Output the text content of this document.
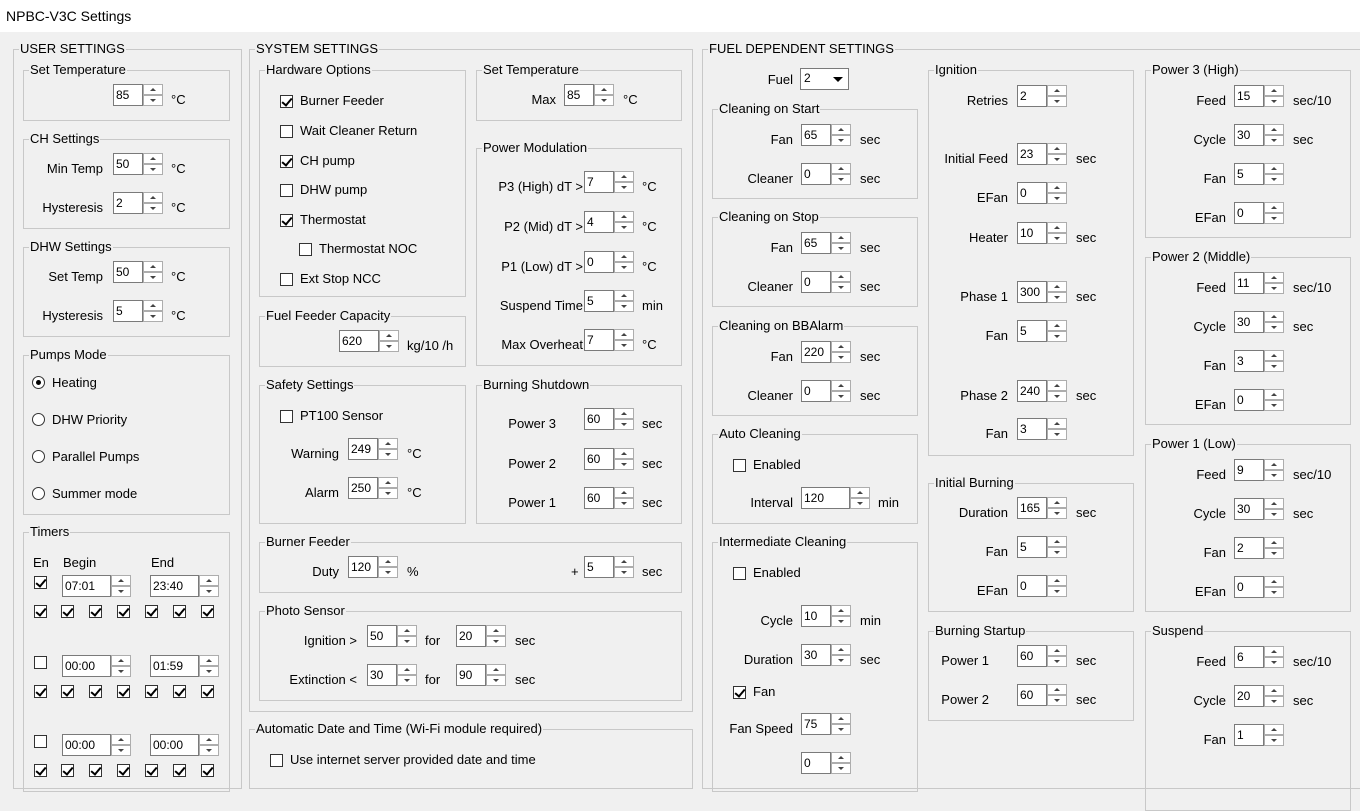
NPBC-V3C Settings
USER SETTINGS
Set Temperature
85	°C
CH Settings
Min Temp 50	°C
Hysteresis 2	°C
DHW Settings
Set Temp 50	°C
Hysteresis 5	°C
Pumps Mode
Heating
DHW Priority
Parallel Pumps
Summer mode
Timers
En Begin	End
07:01	23:40
00:00	01:59
00:00	00:00
SYSTEM SETTINGS
Hardware Options
Burner Feeder
Wait Cleaner Return
CH pump
DHW pump
Thermostat
Thermostat NOC
Ext Stop NCC
Set Temperature
Max 85	°C
Power Modulation
P3 (High) dT > 7	°C
P2 (Mid) dT > 4	°C
P1 (Low) dT > 0	°C
Suspend Time 5	min
Max Overheat 7	°C
Fuel Feeder Capacity
620	kg/10 /h
Safety Settings
PT100 Sensor
Warning 249	°C
Alarm 250	°C
Burning Shutdown
Power 3	60	sec
Power 2	60	sec
Power 1	60	sec
Burner Feeder
Duty 120	%	+ 5	sec
Photo Sensor
Ignition > 50	for 20	sec
Extinction < 30	for 90	sec
Automatic Date and Time (Wi-Fi module required)
Use internet server provided date and time
FUEL DEPENDENT SETTINGS
Fuel 2
Cleaning on Start
Fan 65	sec
Cleaner 0	sec
Cleaning on Stop
Fan 65	sec
Cleaner 0	sec
Cleaning on BBAlarm
Fan 220	sec
Cleaner 0	sec
Auto Cleaning
Enabled
Interval 120	min
Intermediate Cleaning
Enabled
Cycle 10	min
Duration 30	sec
Fan
Fan Speed 75
0
Ignition
Retries 2
Initial Feed 23	sec
EFan 0
Heater 10	sec
Phase 1 300	sec
Fan 5
Phase 2 240	sec
Fan 3
Initial Burning
Duration 165	sec
Fan 5
EFan 0
Burning Startup
Power 1	60	sec
Power 2	60	sec
Power 3 (High)
Feed 15	sec/10
Cycle 30	sec
Fan 5
EFan 0
Power 2 (Middle)
Feed 11	sec/10
Cycle 30	sec
Fan 3
EFan 0
Power 1 (Low)
Feed 9	sec/10
Cycle 30	sec
Fan 2
EFan 0
Suspend
Feed 6	sec/10
Cycle 20	sec
Fan 1
